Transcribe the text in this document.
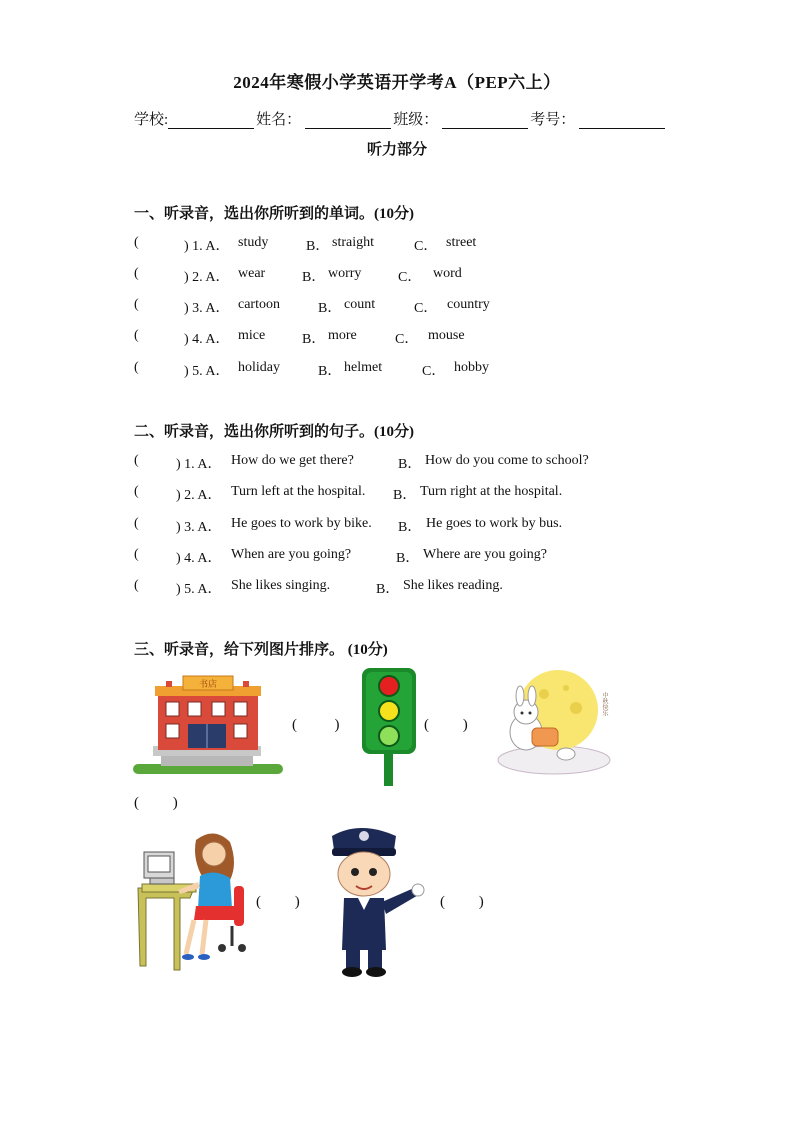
2024年寒假小学英语开学考A（PEP六上）
学校:	姓名：	班级：	考号：
听力部分
一、听录音，选出你所听到的单词。(10分)
(	) 1. A． study	B． straight	C． street
(	) 2. A． wear	B． worry	C． word
(	) 3. A． cartoon	B． count	C． country
(	) 4. A． mice	B． more	C． mouse
(	) 5. A． holiday	B． helmet	C． hobby
二、听录音，选出你所听到的句子。(10分)
(	) 1. A． How do we get there?	B． How do you come to school?
(	) 2. A． Turn left at the hospital. B． Turn right at the hospital.
(	) 3. A． He goes to work by bike. B． He goes to work by bus.
(	) 4. A． When are you going?	B． Where are you going?
(	) 5. A． She likes singing.	B． She likes reading.
三、听录音，给下列图片排序。 (10分)
书店
(	)	( )
中秋快乐
( )
( )	( )
